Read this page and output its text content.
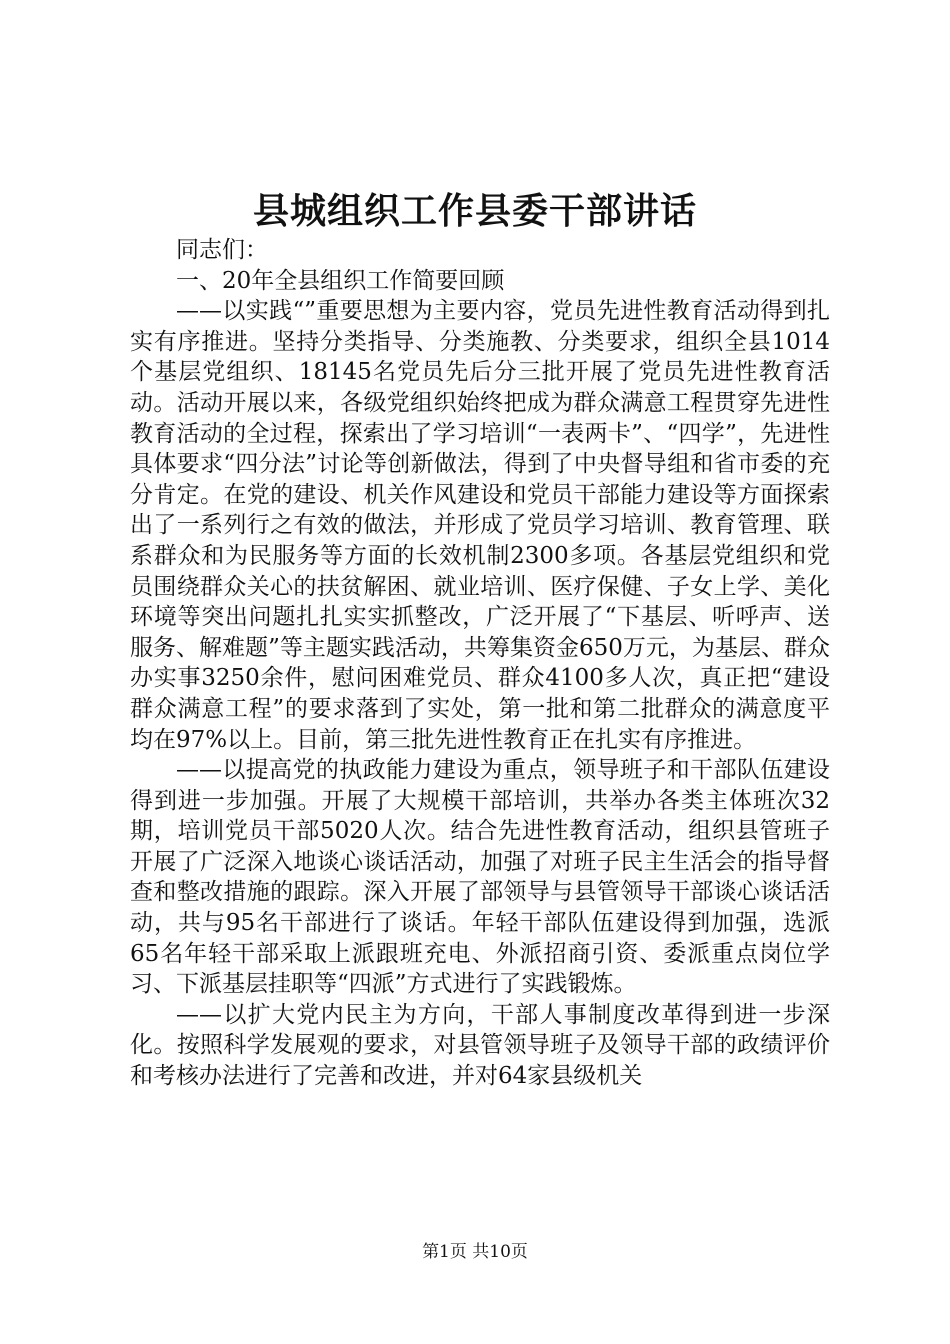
县城组织工作县委干部讲话

同志们：

一、20年全县组织工作简要回顾

——以实践“”重要思想为主要内容，党员先进性教育活动得到扎实有序推进。坚持分类指导、分类施教、分类要求，组织全县1014个基层党组织、18145名党员先后分三批开展了党员先进性教育活动。活动开展以来，各级党组织始终把成为群众满意工程贯穿先进性教育活动的全过程，探索出了学习培训“一表两卡”、“四学”，先进性具体要求“四分法”讨论等创新做法，得到了中央督导组和省市委的充分肯定。在党的建设、机关作风建设和党员干部能力建设等方面探索出了一系列行之有效的做法，并形成了党员学习培训、教育管理、联系群众和为民服务等方面的长效机制2300多项。各基层党组织和党员围绕群众关心的扶贫解困、就业培训、医疗保健、子女上学、美化环境等突出问题扎扎实实抓整改，广泛开展了“下基层、听呼声、送服务、解难题”等主题实践活动，共筹集资金650万元，为基层、群众办实事3250余件，慰问困难党员、群众4100多人次，真正把“建设群众满意工程”的要求落到了实处，第一批和第二批群众的满意度平均在97%以上。目前，第三批先进性教育正在扎实有序推进。

——以提高党的执政能力建设为重点，领导班子和干部队伍建设得到进一步加强。开展了大规模干部培训，共举办各类主体班次32期，培训党员干部5020人次。结合先进性教育活动，组织县管班子开展了广泛深入地谈心谈话活动，加强了对班子民主生活会的指导督查和整改措施的跟踪。深入开展了部领导与县管领导干部谈心谈话活动，共与95名干部进行了谈话。年轻干部队伍建设得到加强，选派65名年轻干部采取上派跟班充电、外派招商引资、委派重点岗位学习、下派基层挂职等“四派”方式进行了实践锻炼。

——以扩大党内民主为方向，干部人事制度改革得到进一步深化。按照科学发展观的要求，对县管领导班子及领导干部的政绩评价和考核办法进行了完善和改进，并对64家县级机关

第1页 共10页
